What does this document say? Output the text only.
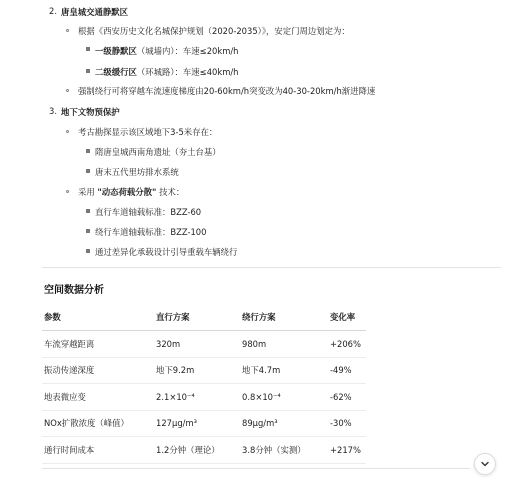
2. 唐皇城交通静默区
根据《西安历史文化名城保护规划（2020-2035）》，安定门周边划定为：
一级静默区（城墙内）：车速≤20km/h
二级缓行区（环城路）：车速≤40km/h
强制绕行可将穿越车流速度梯度由20-60km/h突变改为40-30-20km/h渐进降速
3. 地下文物预保护
考古勘探显示该区域地下3-5米存在：
隋唐皇城西南角遗址（夯土台基）
唐末五代里坊排水系统
采用 "动态荷载分散" 技术：
直行车道轴载标准：BZZ-60
绕行车道轴载标准：BZZ-100
通过差异化承载设计引导重载车辆绕行
空间数据分析
参数	直行方案	绕行方案	变化率
车流穿越距离	320m	980m	+206%
振动传递深度	地下9.2m	地下4.7m	-49%
地表微应变	2.1×10⁻⁴	0.8×10⁻⁴	-62%
NOx扩散浓度（峰值）	127μg/m³	89μg/m³	-30%
通行时间成本	1.2分钟（理论）	3.8分钟（实测）	+217%
